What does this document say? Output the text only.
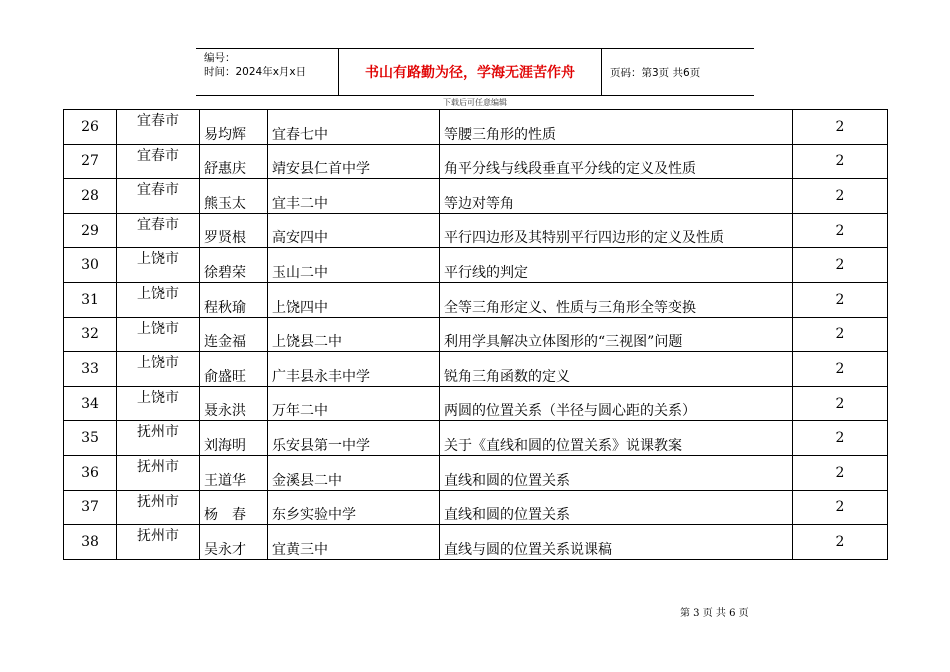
编号：
时间：2024年x月x日	书山有路勤为径，学海无涯苦作舟	页码：第3页 共6页
下载后可任意编辑
26	宜春市	易均辉	宜春七中	等腰三角形的性质	2
27	宜春市	舒惠庆	靖安县仁首中学	角平分线与线段垂直平分线的定义及性质	2
28	宜春市	熊玉太	宜丰二中	等边对等角	2
29	宜春市	罗贤根	高安四中	平行四边形及其特别平行四边形的定义及性质	2
30	上饶市	徐碧荣	玉山二中	平行线的判定	2
31	上饶市	程秋瑜	上饶四中	全等三角形定义、性质与三角形全等变换	2
32	上饶市	连金福	上饶县二中	利用学具解决立体图形的“三视图”问题	2
33	上饶市	俞盛旺	广丰县永丰中学	锐角三角函数的定义	2
34	上饶市	聂永洪	万年二中	两圆的位置关系（半径与圆心距的关系）	2
35	抚州市	刘海明	乐安县第一中学	关于《直线和圆的位置关系》说课教案	2
36	抚州市	王道华	金溪县二中	直线和圆的位置关系	2
37	抚州市	杨　春	东乡实验中学	直线和圆的位置关系	2
38	抚州市	吴永才	宜黄三中	直线与圆的位置关系说课稿	2
第 3 页 共 6 页
